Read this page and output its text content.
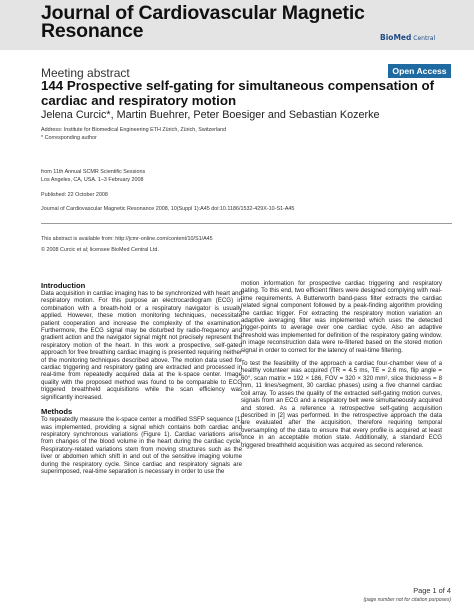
Journal of Cardiovascular Magnetic Resonance	BioMed Central
Meeting abstract	Open Access
144 Prospective self-gating for simultaneous compensation of cardiac and respiratory motion
Jelena Curcic*, Martin Buehrer, Peter Boesiger and Sebastian Kozerke
Address: Institute for Biomedical Engineering ETH Zürich, Zürich, Switzerland
* Corresponding author
from 11th Annual SCMR Scientific Sessions
Los Angeles, CA, USA. 1–3 February 2008
Published: 22 October 2008
Journal of Cardiovascular Magnetic Resonance 2008, 10(Suppl 1):A45 doi:10.1186/1532-429X-10-S1-A45
This abstract is available from: http://jcmr-online.com/content/10/S1/A45
© 2008 Curcic et al; licensee BioMed Central Ltd.
Introduction

Data acquisition in cardiac imaging has to be synchronized with heart and respiratory motion. For this purpose an electrocardiogram (ECG) in combination with a breath-hold or a respiratory navigator is usually applied. However, these motion monitoring techniques, necessitate patient cooperation and increase the complexity of the examination. Furthermore, the ECG signal may be disturbed by radio-frequency and gradient action and the navigator signal might not precisely represent the respiratory motion of the heart. In this work a prospective, self-gated approach for free breathing cardiac imaging is presented requiring neither of the monitoring techniques described above. The motion data used for cardiac triggering and respiratory gating are extracted and processed in real-time from repeatedly acquired data at the k-space center. Image quality with the proposed method was found to be comparable to ECG triggered breathheld acquisitions while the scan efficiency was significantly increased.

Methods

To repeatedly measure the k-space center a modified SSFP sequence [1] was implemented, providing a signal which contains both cardiac and respiratory synchronous variations (Figure 1). Cardiac variations arise from changes of the blood volume in the heart during the cardiac cycle. Respiratory-related variations stem from moving structures such as the liver or abdomen which shift in and out of the sensitive imaging volume during the respiratory cycle. Since cardiac and respiratory signals are superimposed, real-time separation is necessary in order to use the

motion information for prospective cardiac triggering and respiratory gating. To this end, two efficient filters were designed complying with real-time requirements. A Butterworth band-pass filter extracts the cardiac related signal component followed by a peak-finding algorithm providing the cardiac trigger. For extracting the respiratory motion variation an adaptive averaging filter was implemented which uses the detected trigger-points to average over one cardiac cycle. Also an adaptive threshold was implemented for definition of the respiratory gating window. In image reconstruction data were re-filtered based on the stored motion signal in order to correct for the latency of real-time filtering.

To test the feasibility of the approach a cardiac four-chamber view of a healthy volunteer was acquired (TR = 4.5 ms, TE = 2.6 ms, flip angle = 60°, scan matrix = 192 × 186, FOV = 320 × 320 mm², slice thickness = 8 mm, 11 lines/segment, 30 cardiac phases) using a five channel cardiac coil array. To asses the quality of the extracted self-gating motion curves, signals from an ECG and a respiratory belt were simultaneously acquired and stored. As a reference a retrospective self-gating acquisition described in [2] was performed. In the retrospective approach the data are evaluated after the acquisition, therefore requiring temporal oversampling of the data to ensure that every profile is acquired at least once in an acceptable motion state. Additionally, a standard ECG triggered breathheld acquisition was acquired as second reference.

Page 1 of 4
(page number not for citation purposes)
